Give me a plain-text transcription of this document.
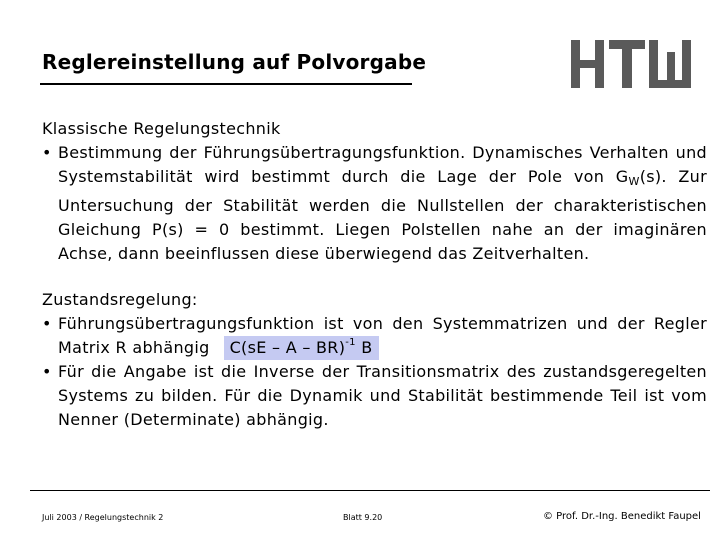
Reglereinstellung auf Polvorgabe

Klassische Regelungstechnik

• Bestimmung der Führungsübertragungsfunktion. Dynamisches Verhalten und Systemstabilität wird bestimmt durch die Lage der Pole von $G_W(s)$. Zur Untersuchung der Stabilität werden die Nullstellen der charakteristischen Gleichung P(s) = 0 bestimmt. Liegen Polstellen nahe an der imaginären Achse, dann beeinflussen diese überwiegend das Zeitverhalten.

Zustandsregelung:

• Führungsübertragungsfunktion ist von den Systemmatrizen und der Regler Matrix R abhängig C(sE – A – BR)$^{-1}$ B
• Für die Angabe ist die Inverse der Transitionsmatrix des zustandsgeregelten Systems zu bilden. Für die Dynamik und Stabilität bestimmende Teil ist vom Nenner (Determinate) abhängig.
Juli 2003 / Regelungstechnik 2	Blatt 9.20	© Prof. Dr.-Ing. Benedikt Faupel
